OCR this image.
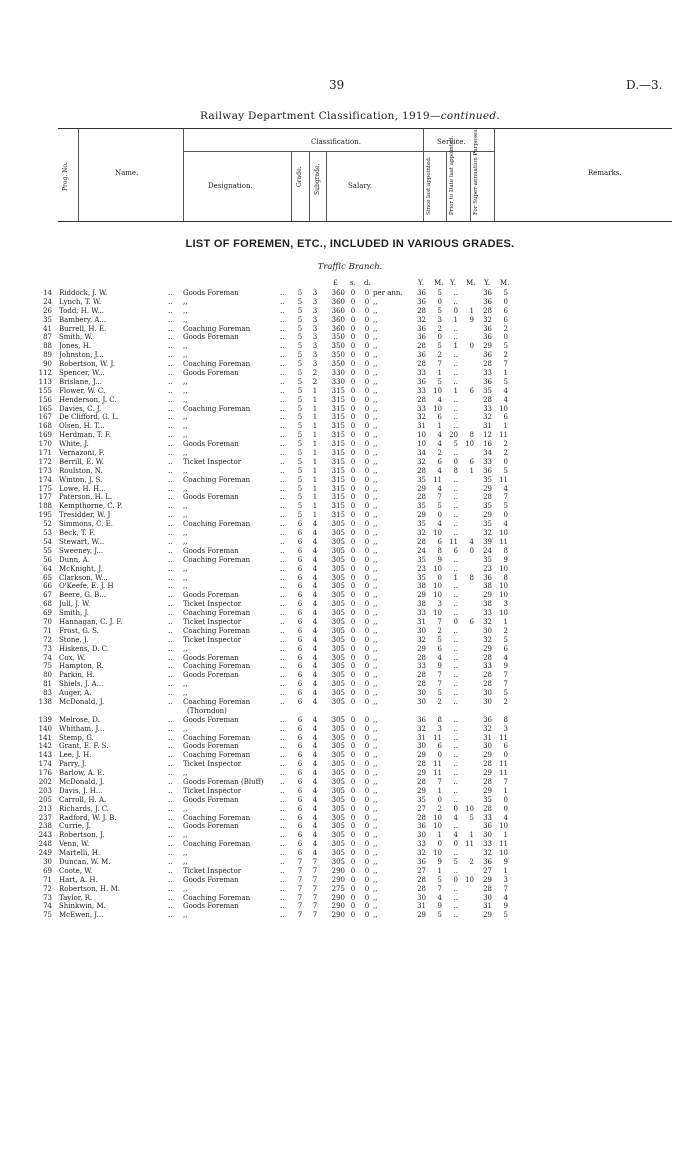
39	D.—3.
Railway Department Classification, 1919—continued.
Prog. No.	Name.
Classification.
Designation.	Grade. Subgrade.	Salary.
Service.
Since last appointed.	Prior to Date last appointed.	For Super-annuation Purposes.	Remarks.
LIST OF FOREMEN, ETC., INCLUDED IN VARIOUS GRADES.
Traffic Branch.
£ s. d.	Y. M. Y. M. Y. M.
..	..
14 Riddock, J. W.	Goods Foreman	5 3	360 0 0 per ann.	36	5	..	36	5
..	..
24 Lynch, T. W.	,,	5 3	360 0 0 ,,	36	0	..	36	0
..	..
26 Todd, H. W...	,,	5 3	360 0 0 ,,	28	5	0	1	28	6
..	..
35 Bambery, A...	,,	5 3	360 0 0 ,,	32	3	1	9	32	6
..	..
41 Burrell, H. E.	Coaching Foreman	5 3	360 0 0 ,,	36	2	..	36	2
..	..
87 Smith, W.	Goods Foreman	5 3	350 0 0 ,,	36	0	..	36	0
..	..
88 Jones, H.	,,	5 3	350 0 0 ,,	28	5	1	0	29	5
..	..
89 Johnston, J...	,,	5 3	350 0 0 ,,	36	2	..	36	2
..	..
90 Robertson, W. J.	Coaching Foreman	5 3	350 0 0 ,,	28	7	..	28	7
..	..
112 Spencer, W...	Goods Foreman	5 2	330 0 0 ,,	33	1	..	33	1
..	..
113 Brislane, J...	,,	5 2	330 0 0 ,,	36	5	..	36	5
..	..
155 Flower, W. C.	,,	5 1	315 0 0 ,,	33	10	1	6	35	4
..	..
156 Henderson, J. C.	,,	5 1	315 0 0 ,,	28	4	..	28	4
..	..
165 Davies, C. J.	Coaching Foreman	5 1	315 0 0 ,,	33	10	..	33	10
..	..
167 De Clifford, G. L.	,,	5 1	315 0 0 ,,	32	6	..	32	6
..	..
168 Olsen, H. T...	,,	5 1	315 0 0 ,,	31	1	..	31	1
..	..
169 Herdman, T. F.	,,	5 1	315 0 0 ,,	10	4	20	8	12	11
..	..
170 White, J.	Goods Foreman	5 1	315 0 0 ,,	10	4	5	10	16	2
..	..
171 Vernazoni, F.	,,	5 1	315 0 0 ,,	34	2	..	34	2
..	..
172 Berrill, E. W.	Ticket Inspector	5 1	315 0 0 ,,	32	6	0	6	33	0
..	..
173 Roulston, N.	,,	5 1	315 0 0 ,,	28	4	8	1	36	5
..	..
174 Winton, J. S.	Coaching Foreman	5 1	315 0 0 ,,	35	11	..	35	11
..	..
175 Lowe, H. H...	,,	5 1	315 0 0 ,,	29	4	..	29	4
..	..
177 Paterson, H. L.	Goods Foreman	5 1	315 0 0 ,,	28	7	..	28	7
..	..
188 Kempthorne, C. P.	,,	5 1	315 0 0 ,,	35	5	..	35	5
..	..
195 Tresidder, W. J	,,	5 1	315 0 0 ,,	29	0	..	29	0
..	..
52 Simmons, C. E.	Coaching Foreman	6 4	305 0 0 ,,	35	4	..	35	4
..	..
53 Beck, T. F.	,,	6 4	305 0 0 ,,	32	10	..	32	10
..	..
54 Stewart, W...	,,	6 4	305 0 0 ,,	28	6	11	4	39	11
..	..
55 Sweeney, J...	Goods Foreman	6 4	305 0 0 ,,	24	8	6	0	24	8
..	..
56 Dunn, A.	Coaching Foreman	6 4	305 0 0 ,,	35	9	..	35	9
..	..
64 McKnight, J.	,,	6 4	305 0 0 ,,	23	10	..	23	10
..	..
65 Clarkson, W...	,,	6 4	305 0 0 ,,	35	0	1	8	36	8
..	..
66 O'Keefe, E. J. H	,,	6 4	305 0 0 ,,	38	10	..	38	10
..	..
67 Beere, G. B...	Goods Foreman	6 4	305 0 0 ,,	29	10	..	29	10
..	..
68 Jull, J. W.	Ticket Inspector	6 4	305 0 0 ,,	38	3	..	38	3
..	..
69 Smith, J.	Coaching Foreman	6 4	305 0 0 ,,	33	10	..	33	10
..	..
70 Hannagan, C. J. F.	Ticket Inspector	6 4	305 0 0 ,,	31	7	0	6	32	1
..	..
71 Frost, G. S.	Coaching Foreman	6 4	305 0 0 ,,	30	2	..	30	2
..	..
72 Stone, J.	Ticket Inspector	6 4	305 0 0 ,,	32	5	..	32	5
..	..
73 Hiskens, D. C.	,,	6 4	305 0 0 ,,	29	6	..	29	6
..	..
74 Cox, W.	Goods Foreman	6 4	305 0 0 ,,	28	4	..	28	4
..	..
75 Hampton, R.	Coaching Foreman	6 4	305 0 0 ,,	33	9	..	33	9
..	..
80 Parkin, H.	Goods Foreman	6 4	305 0 0 ,,	28	7	..	28	7
..	..
81 Shiels, J. A...	,,	6 4	305 0 0 ,,	28	7	..	28	7
..	..
83 Auger, A.	,,	6 4	305 0 0 ,,	30	5	..	30	5
..	..
138 McDonald, J.	Coaching Foreman	6 4	305 0 0 ,,	30	2	..	30	2
(Thorndon)
..	..
139 Melrose, D.	Goods Foreman	6 4	305 0 0 ,,	36	8	..	36	8
..	..
140 Whitham, J...	,,	6 4	305 0 0 ,,	32	3	..	32	3
..	..
141 Stemp, G.	Coaching Foreman	6 4	305 0 0 ,,	31	11	..	31	11
..	..
142 Grant, E. F. S.	Goods Foreman	6 4	305 0 0 ,,	30	6	..	30	6
..	..
143 Lee, J. H.	Coaching Foreman	6 4	305 0 0 ,,	29	0	..	29	0
..	..
174 Parry, J.	Ticket Inspector	6 4	305 0 0 ,,	28	11	..	28	11
..	..
176 Barlow, A. E.	,,	6 4	305 0 0 ,,	29	11	..	29	11
..	..
202 McDonald, J.	Goods Foreman (Bluff)	6 4	305 0 0 ,,	28	7	..	28	7
..	..
203 Davis, J. H...	Ticket Inspector	6 4	305 0 0 ,,	29	1	..	29	1
..	..
205 Carroll, H. A.	Goods Foreman	6 4	305 0 0 ,,	35	0	..	35	0
..	..
213 Richards, J. C.	,,	6 4	305 0 0 ,,	27	2	0	10	28	0
..	..
237 Radford, W. J. B.	Coaching Foreman	6 4	305 0 0 ,,	28	10	4	5	33	4
..	..
238 Currie, J.	Goods Foreman	6 4	305 0 0 ,,	36	10	..	36	10
..	..
243 Robertson, J.	,,	6 4	305 0 0 ,,	30	1	4	1	30	1
..	..
248 Venn, W.	Coaching Foreman	6 4	305 0 0 ,,	33	0	0	11	33	11
..	..
249 Martelli, H.	,,	6 4	305 0 0 ,,	32	10	..	32	10
..	..
30 Duncan, W. M.	,,	7 7	305 0 0 ,,	36	9	5	2	36	9
..	..
69 Coote, W.	Ticket Inspector	7 7	290 0 0 ,,	27	1	..	27	1
..	..
71 Hart, A. H.	Goods Foreman	7 7	290 0 0 ,,	28	5	0	10	29	3
..	..
72 Robertson, H. M.	,,	7 7	275 0 0 ,,	28	7	..	28	7
..	..
73 Taylor, R.	Coaching Foreman	7 7	290 0 0 ,,	30	4	..	30	4
..	..
74 Shinkwin, M.	Goods Foreman	7 7	290 0 0 ,,	31	9	..	31	9
..	..
75 McEwen, J...	,,	7 7	290 0 0 ,,	29	5	..	29	5
